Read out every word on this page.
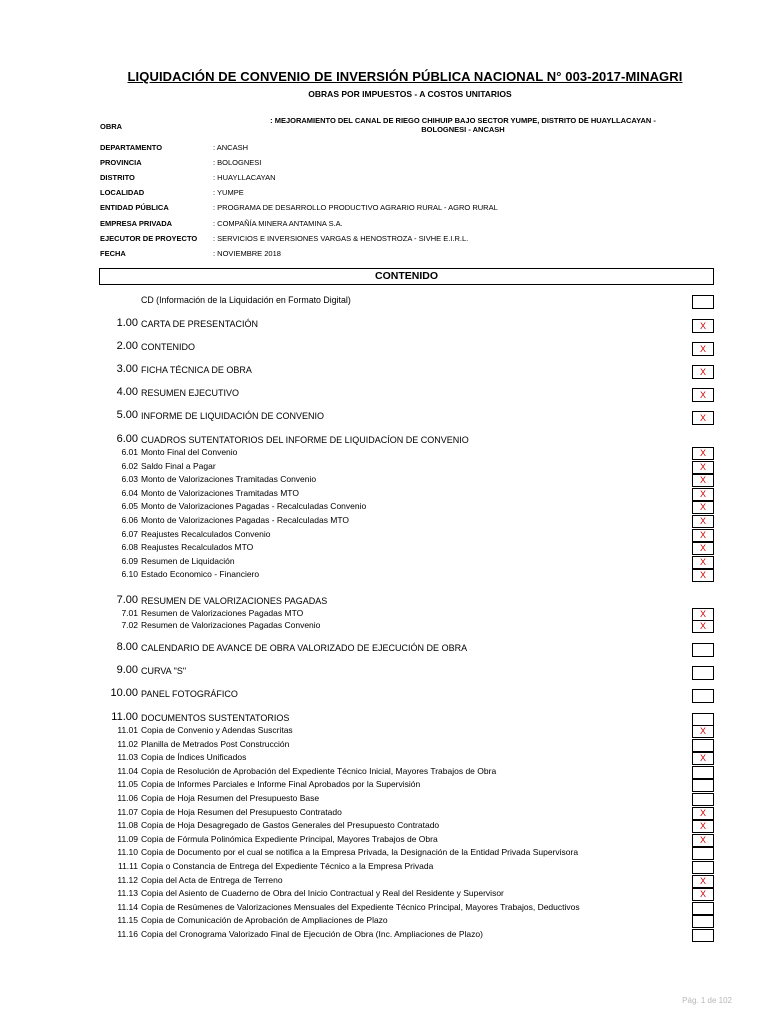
LIQUIDACIÓN DE CONVENIO DE INVERSIÓN PÚBLICA NACIONAL N° 003-2017-MINAGRI
OBRAS POR IMPUESTOS - A COSTOS UNITARIOS
OBRA
: MEJORAMIENTO DEL CANAL DE RIEGO CHIHUIP BAJO SECTOR YUMPE, DISTRITO DE HUAYLLACAYAN -
BOLOGNESI - ANCASH
DEPARTAMENTO	: ANCASH
PROVINCIA	: BOLOGNESI
DISTRITO	: HUAYLLACAYAN
LOCALIDAD	: YUMPE
ENTIDAD PÚBLICA	: PROGRAMA DE DESARROLLO PRODUCTIVO AGRARIO RURAL - AGRO RURAL
EMPRESA PRIVADA	: COMPAÑÍA MINERA ANTAMINA S.A.
EJECUTOR DE PROYECTO : SERVICIOS E INVERSIONES VARGAS & HENOSTROZA - SIVHE E.I.R.L.
FECHA	: NOVIEMBRE 2018
CONTENIDO
CD (Información de la Liquidación en Formato Digital)
1.00 CARTA DE PRESENTACIÓN	X
2.00 CONTENIDO	X
3.00 FICHA TÉCNICA DE OBRA	X
4.00 RESUMEN EJECUTIVO	X
5.00 INFORME DE LIQUIDACIÓN DE CONVENIO	X
6.00 CUADROS SUTENTATORIOS DEL INFORME DE LIQUIDACÍON DE CONVENIO
6.01 Monto Final del Convenio	X
6.02 Saldo Final a Pagar	X
6.03 Monto de Valorizaciones Tramitadas Convenio	X
6.04 Monto de Valorizaciones Tramitadas MTO	X
6.05 Monto de Valorizaciones Pagadas - Recalculadas Convenio	X
6.06 Monto de Valorizaciones Pagadas - Recalculadas MTO	X
6.07 Reajustes Recalculados Convenio	X
6.08 Reajustes Recalculados MTO	X
6.09 Resumen de Liquidación	X
6.10 Estado Economico - Financiero	X
7.00 RESUMEN DE VALORIZACIONES PAGADAS
7.01 Resumen de Valorizaciones Pagadas MTO	X
7.02 Resumen de Valorizaciones Pagadas Convenio	X
8.00 CALENDARIO DE AVANCE DE OBRA VALORIZADO DE EJECUCIÓN DE OBRA
9.00 CURVA "S"
10.00 PANEL FOTOGRÁFICO
11.00 DOCUMENTOS SUSTENTATORIOS
11.01 Copia de Convenio y Adendas Suscritas	X
11.02 Planilla de Metrados Post Construcción
11.03 Copia de Índices Unificados	X
11.04 Copia de Resolución de Aprobación del Expediente Técnico Inicial, Mayores Trabajos de Obra
11.05 Copia de Informes Parciales e Informe Final Aprobados por la Supervisión
11.06 Copia de Hoja Resumen del Presupuesto Base
11.07 Copia de Hoja Resumen del Presupuesto Contratado	X
11.08 Copia de Hoja Desagregado de Gastos Generales del Presupuesto Contratado	X
11.09 Copia de Fórmula Polinómica Expediente Principal, Mayores Trabajos de Obra	X
11.10 Copia de Documento por el cual se notifica a la Empresa Privada, la Designación de la Entidad Privada Supervisora
11.11 Copia o Constancia de Entrega del Expediente Técnico a la Empresa Privada
11.12 Copia del Acta de Entrega de Terreno	X
11.13 Copia del Asiento de Cuaderno de Obra del Inicio Contractual y Real del Residente y Supervisor	X
11.14 Copia de Resúmenes de Valorizaciones Mensuales del Expediente Técnico Principal, Mayores Trabajos, Deductivos
11.15 Copia de Comunicación de Aprobación de Ampliaciones de Plazo
11.16 Copia del Cronograma Valorizado Final de Ejecución de Obra (Inc. Ampliaciones de Plazo)
Pág. 1 de 102
